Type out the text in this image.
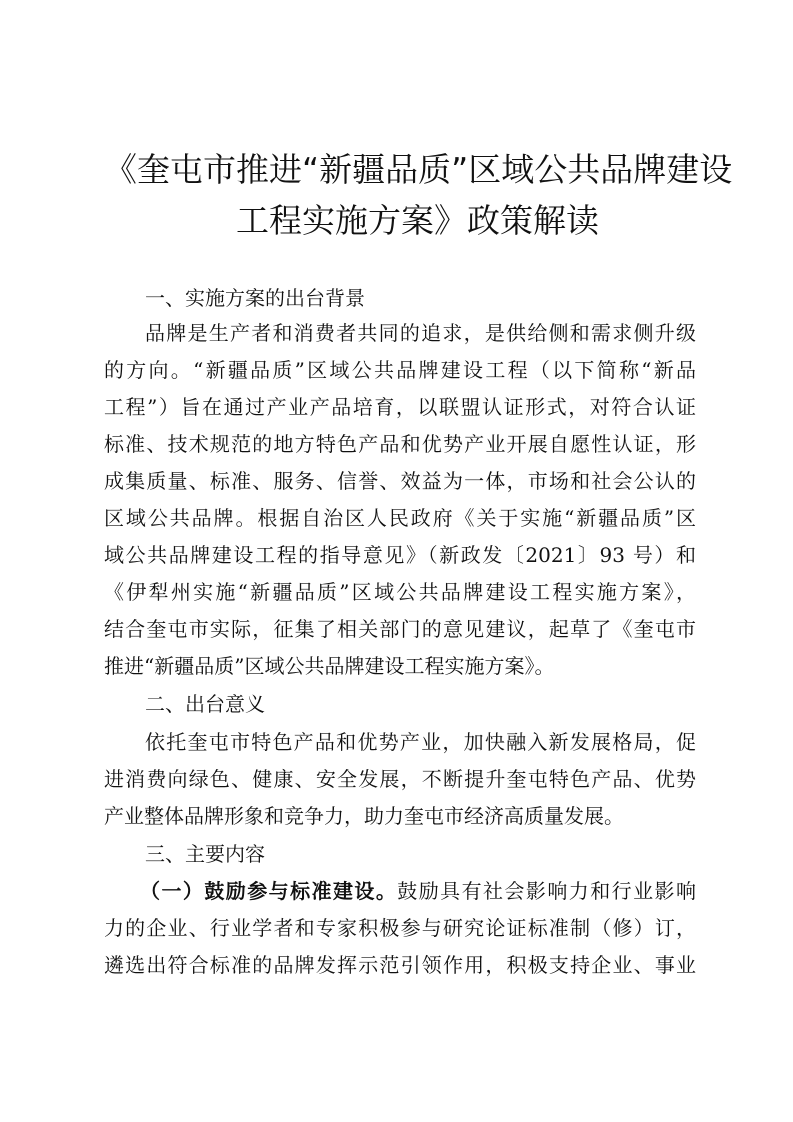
《奎屯市推进“新疆品质”区域公共品牌建设
工程实施方案》政策解读
一、实施方案的出台背景
品牌是生产者和消费者共同的追求，是供给侧和需求侧升级
的方向。“新疆品质”区域公共品牌建设工程（以下简称“新品
工程”）旨在通过产业产品培育，以联盟认证形式，对符合认证
标准、技术规范的地方特色产品和优势产业开展自愿性认证，形
成集质量、标准、服务、信誉、效益为一体，市场和社会公认的
区域公共品牌。根据自治区人民政府《关于实施“新疆品质”区
域公共品牌建设工程的指导意见》（新政发〔2021〕93 号）和
《伊犁州实施“新疆品质”区域公共品牌建设工程实施方案》，
结合奎屯市实际，征集了相关部门的意见建议，起草了《奎屯市
推进“新疆品质”区域公共品牌建设工程实施方案》。
二、出台意义
依托奎屯市特色产品和优势产业，加快融入新发展格局，促
进消费向绿色、健康、安全发展，不断提升奎屯特色产品、优势
产业整体品牌形象和竞争力，助力奎屯市经济高质量发展。
三、主要内容
（一）鼓励参与标准建设。鼓励具有社会影响力和行业影响
力的企业、行业学者和专家积极参与研究论证标准制（修）订，
遴选出符合标准的品牌发挥示范引领作用，积极支持企业、事业
